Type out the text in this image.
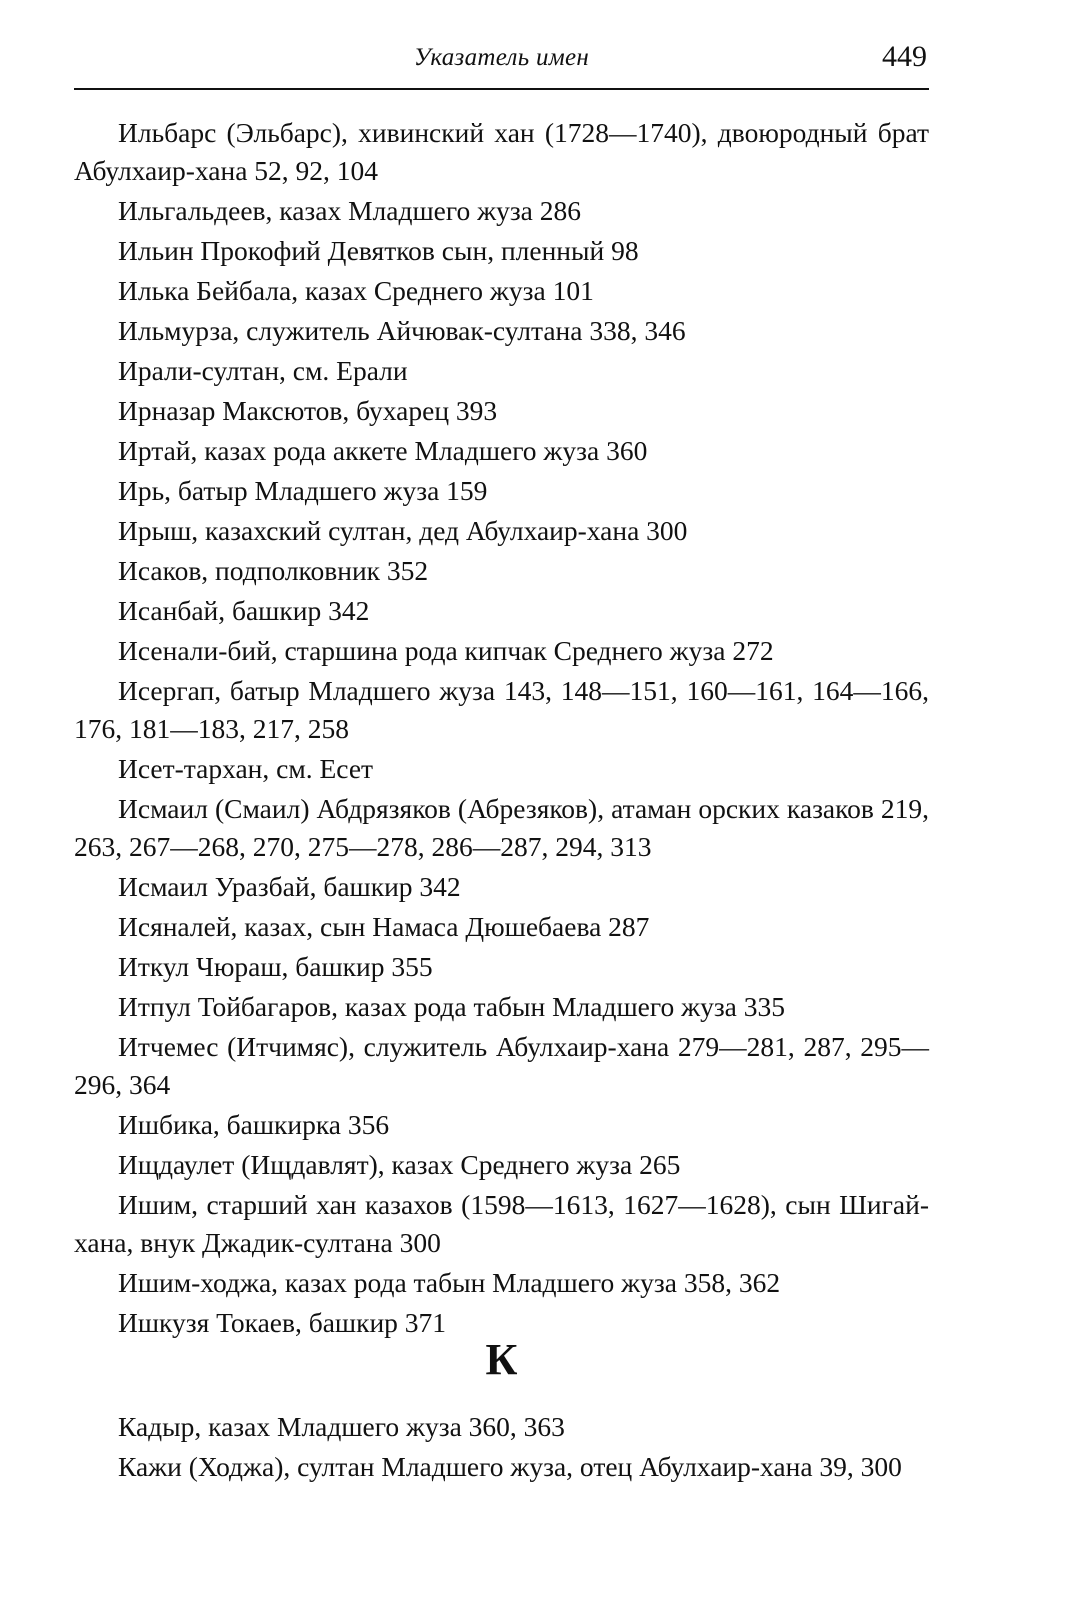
Указатель имен	449
Ильбарс (Эльбарс), хивинский хан (1728—1740), двоюродный брат Абулхаир-хана 52, 92, 104
Ильгальдеев, казах Младшего жуза 286
Ильин Прокофий Девятков сын, пленный 98
Илька Бейбала, казах Среднего жуза 101
Ильмурза, служитель Айчювак-султана 338, 346
Ирали-султан, см. Ерали
Ирназар Максютов, бухарец 393
Иртай, казах рода аккете Младшего жуза 360
Ирь, батыр Младшего жуза 159
Ирыш, казахский султан, дед Абулхаир-хана 300
Исаков, подполковник 352
Исанбай, башкир 342
Исенали-бий, старшина рода кипчак Среднего жуза 272
Исергап, батыр Младшего жуза 143, 148—151, 160—161, 164—166, 176, 181—183, 217, 258
Исет-тархан, см. Есет
Исмаил (Смаил) Абдрязяков (Абрезяков), атаман орских казаков 219, 263, 267—268, 270, 275—278, 286—287, 294, 313
Исмаил Уразбай, башкир 342
Исяналей, казах, сын Намаса Дюшебаева 287
Иткул Чюраш, башкир 355
Итпул Тойбагаров, казах рода табын Младшего жуза 335
Итчемес (Итчимяс), служитель Абулхаир-хана 279—281, 287, 295—296, 364
Ишбика, башкирка 356
Ищдаулет (Ищдавлят), казах Среднего жуза 265
Ишим, старший хан казахов (1598—1613, 1627—1628), сын Шигай-хана, внук Джадик-султана 300
Ишим-ходжа, казах рода табын Младшего жуза 358, 362
Ишкузя Токаев, башкир 371
К
Кадыр, казах Младшего жуза 360, 363
Кажи (Ходжа), султан Младшего жуза, отец Абулхаир-хана 39, 300
